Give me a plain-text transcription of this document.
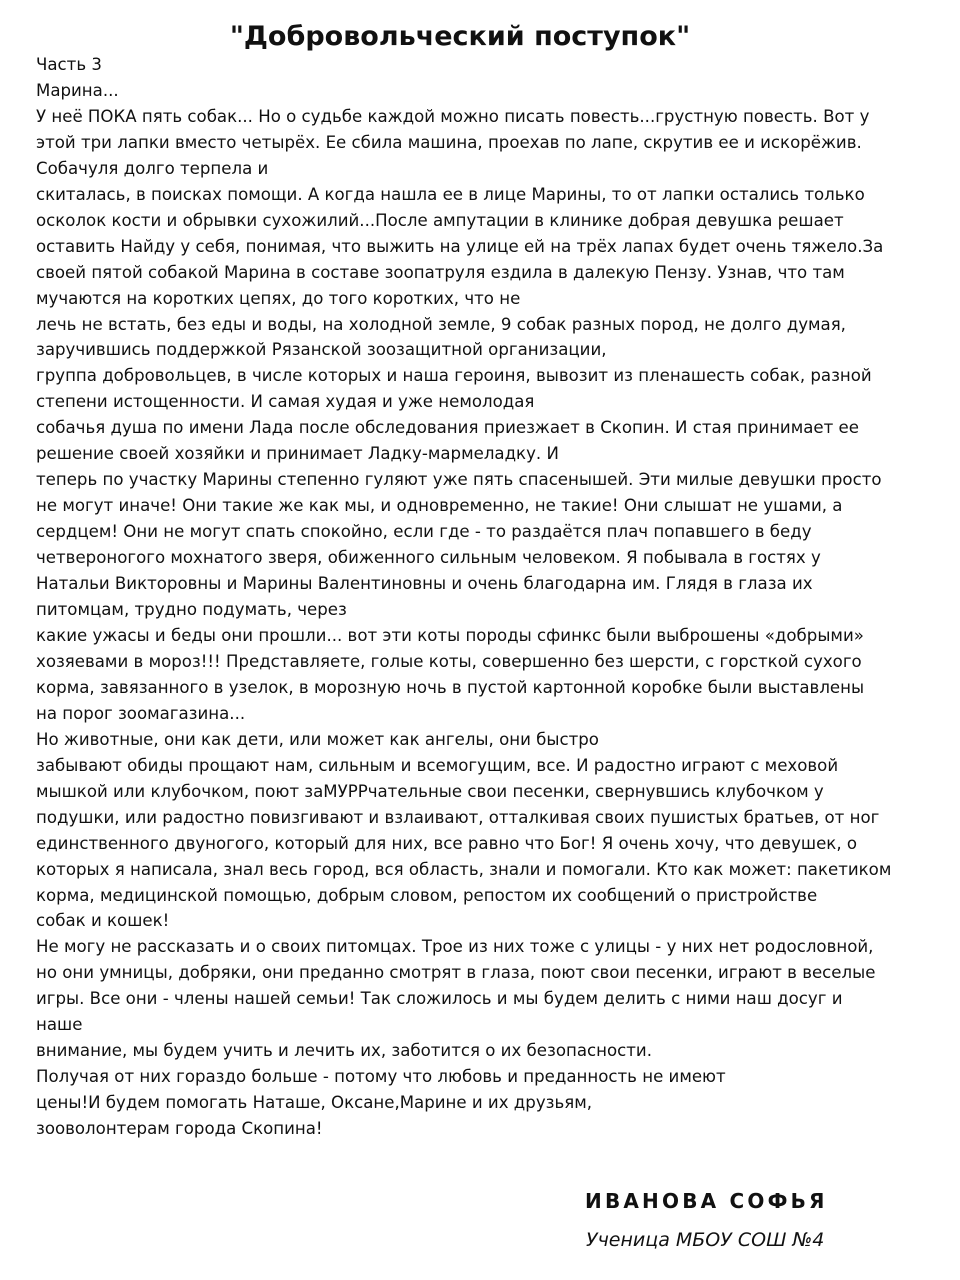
"Добровольческий поступок"
Часть 3
Марина...
У неё ПОКА пять собак... Но о судьбе каждой можно писать повесть...грустную повесть. Вот у
этой три лапки вместо четырёх. Ее сбила машина, проехав по лапе, скрутив ее и искорёжив.
Собачуля долго терпела и
скиталась, в поисках помощи. А когда нашла ее в лице Марины, то от лапки остались только
осколок кости и обрывки сухожилий...После ампутации в клинике добрая девушка решает
оставить Найду у себя, понимая, что выжить на улице ей на трёх лапах будет очень тяжело.За
своей пятой собакой Марина в составе зоопатруля ездила в далекую Пензу. Узнав, что там
мучаются на коротких цепях, до того коротких, что не
лечь не встать, без еды и воды, на холодной земле, 9 собак разных пород, не долго думая,
заручившись поддержкой Рязанской зоозащитной организации,
группа добровольцев, в числе которых и наша героиня, вывозит из пленашесть собак, разной
степени истощенности. И самая худая и уже немолодая
собачья душа по имени Лада после обследования приезжает в Скопин. И стая принимает ее
решение своей хозяйки и принимает Ладку-мармеладку. И
теперь по участку Марины степенно гуляют уже пять спасенышей. Эти милые девушки просто
не могут иначе! Они такие же как мы, и одновременно, не такие! Они слышат не ушами, а
сердцем! Они не могут спать спокойно, если где - то раздаётся плач попавшего в беду
четвероногого мохнатого зверя, обиженного сильным человеком. Я побывала в гостях у
Натальи Викторовны и Марины Валентиновны и очень благодарна им. Глядя в глаза их
питомцам, трудно подумать, через
какие ужасы и беды они прошли... вот эти коты породы сфинкс были выброшены «добрыми»
хозяевами в мороз!!! Представляете, голые коты, совершенно без шерсти, с горсткой сухого
корма, завязанного в узелок, в морозную ночь в пустой картонной коробке были выставлены
на порог зоомагазина...
Но животные, они как дети, или может как ангелы, они быстро
забывают обиды прощают нам, сильным и всемогущим, все. И радостно играют с меховой
мышкой или клубочком, поют заМУРРчательные свои песенки, свернувшись клубочком у
подушки, или радостно повизгивают и взлаивают, отталкивая своих пушистых братьев, от ног
единственного двуногого, который для них, все равно что Бог! Я очень хочу, что девушек, о
которых я написала, знал весь город, вся область, знали и помогали. Кто как может: пакетиком
корма, медицинской помощью, добрым словом, репостом их сообщений о пристройстве
собак и кошек!
Не могу не рассказать и о своих питомцах. Трое из них тоже с улицы - у них нет родословной,
но они умницы, добряки, они преданно смотрят в глаза, поют свои песенки, играют в веселые
игры. Все они - члены нашей семьи! Так сложилось и мы будем делить с ними наш досуг и
наше
внимание, мы будем учить и лечить их, заботится о их безопасности.
Получая от них гораздо больше - потому что любовь и преданность не имеют
цены!И будем помогать Наташе, Оксане,Марине и их друзьям,
зооволонтерам города Скопина!
ИВАНОВА СОФЬЯ
Ученица МБОУ СОШ №4
